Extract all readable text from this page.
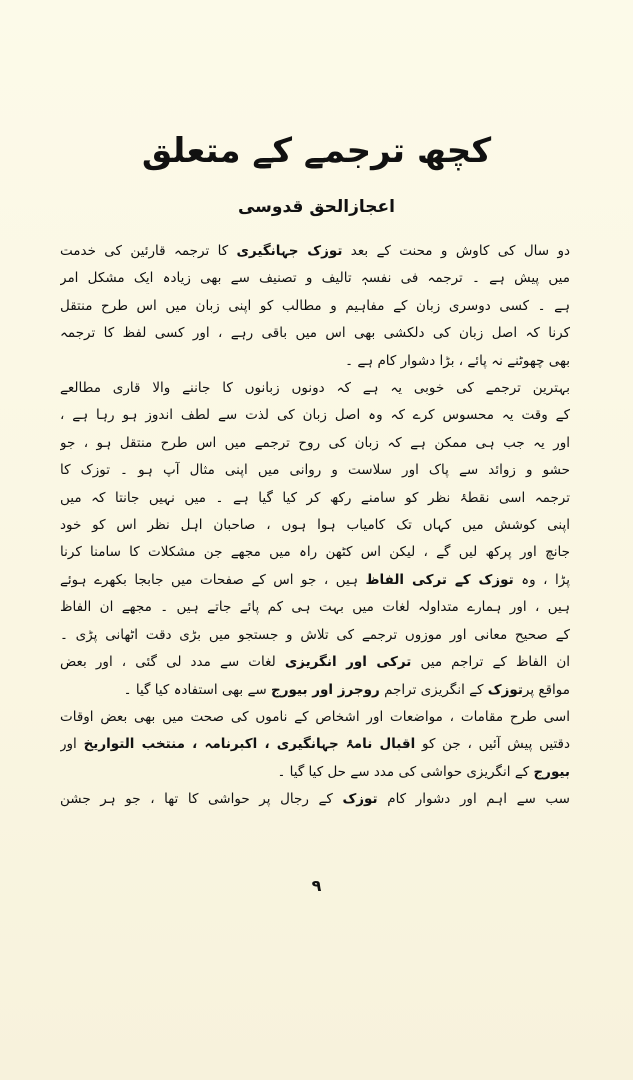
کچھ ترجمے کے متعلق
اعجازالحق قدوسی
دو سال کی کاوش و محنت کے بعد توزک جہانگیری کا ترجمہ قارئین کی خدمت
میں پیش ہے ۔ ترجمہ فی نفسہٖ تالیف و تصنیف سے بھی زیادہ ایک مشکل امر
ہے ۔ کسی دوسری زبان کے مفاہیم و مطالب کو اپنی زبان میں اس طرح منتقل
کرنا کہ اصل زبان کی دلکشی بھی اس میں باقی رہے ، اور کسی لفظ کا ترجمہ
بھی چھوٹنے نہ پائے ، بڑا دشوار کام ہے ۔
بہترین ترجمے کی خوبی یہ ہے کہ دونوں زبانوں کا جاننے والا قاری مطالعے
کے وقت یہ محسوس کرے کہ وہ اصل زبان کی لذت سے لطف اندوز ہو رہا ہے ،
اور یہ جب ہی ممکن ہے کہ زبان کی روح ترجمے میں اس طرح منتقل ہو ، جو
حشو و زوائد سے پاک اور سلاست و روانی میں اپنی مثال آپ ہو ۔ توزک کا
ترجمہ اسی نقطۂ نظر کو سامنے رکھ کر کیا گیا ہے ۔ میں نہیں جانتا کہ میں
اپنی کوشش میں کہاں تک کامیاب ہوا ہوں ، صاحبان اہل نظر اس کو خود
جانچ اور پرکھ لیں گے ، لیکن اس کٹھن راہ میں مجھے جن مشکلات کا سامنا کرنا
پڑا ، وہ توزک کے ترکی الفاظ ہیں ، جو اس کے صفحات میں جابجا بکھرے ہوئے
ہیں ، اور ہمارے متداولہ لغات میں بہت ہی کم پائے جاتے ہیں ۔ مجھے ان الفاظ
کے صحیح معانی اور موزوں ترجمے کی تلاش و جستجو میں بڑی دقت اٹھانی پڑی ۔
ان الفاظ کے تراجم میں ترکی اور انگریزی لغات سے مدد لی گئی ، اور بعض
مواقع پرتوزک کے انگریزی تراجم روجرز اور بیورج سے بھی استفادہ کیا گیا ۔
اسی طرح مقامات ، مواضعات اور اشخاص کے ناموں کی صحت میں بھی بعض اوقات
دقتیں پیش آئیں ، جن کو اقبال نامۂ جہانگیری ، اکبرنامہ ، منتخب التواریخ اور
بیورج کے انگریزی حواشی کی مدد سے حل کیا گیا ۔
سب سے اہم اور دشوار کام توزک کے رجال پر حواشی کا تھا ، جو ہر جشن
۹
